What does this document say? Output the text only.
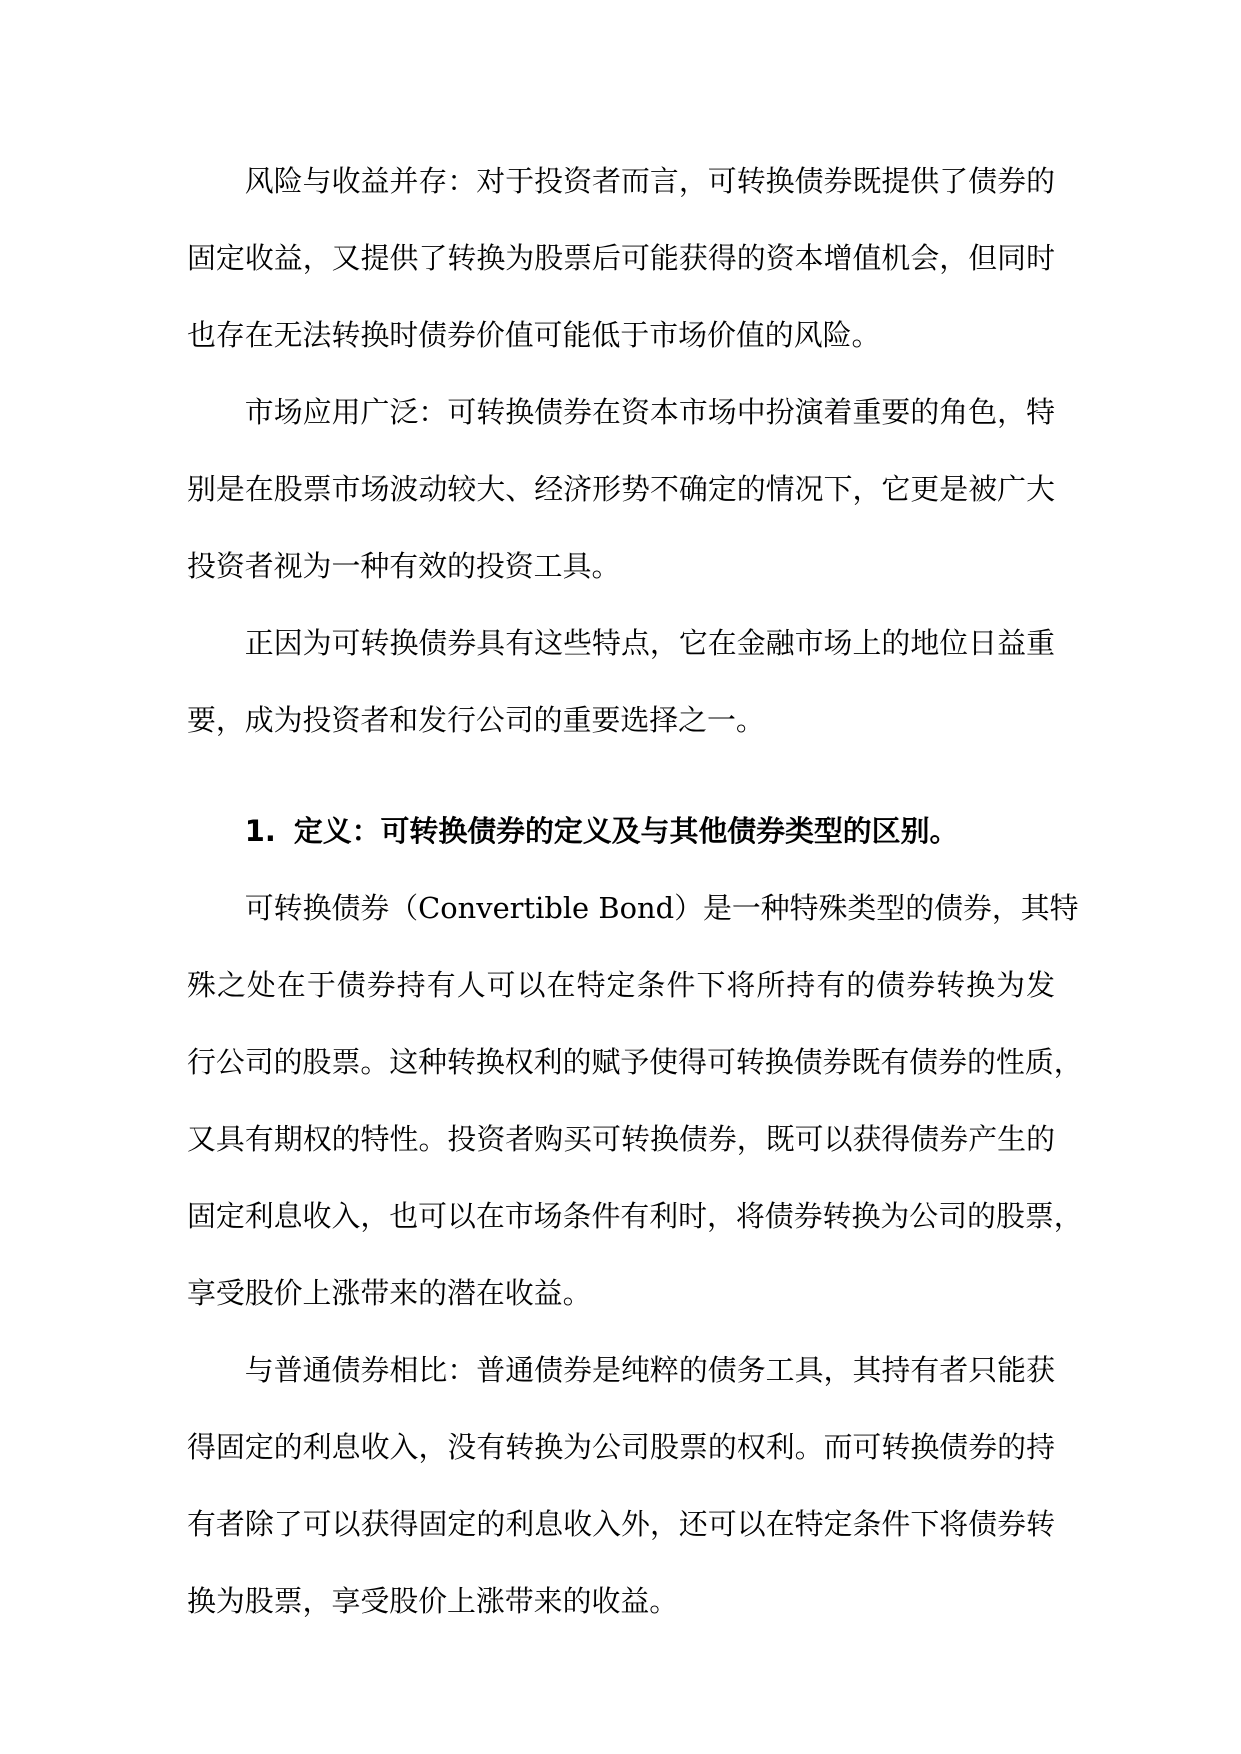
风险与收益并存：对于投资者而言，可转换债券既提供了债券的
固定收益，又提供了转换为股票后可能获得的资本增值机会，但同时
也存在无法转换时债券价值可能低于市场价值的风险。

市场应用广泛：可转换债券在资本市场中扮演着重要的角色，特
别是在股票市场波动较大、经济形势不确定的情况下，它更是被广大
投资者视为一种有效的投资工具。

正因为可转换债券具有这些特点，它在金融市场上的地位日益重
要，成为投资者和发行公司的重要选择之一。

1. 定义：可转换债券的定义及与其他债券类型的区别。

可转换债券（Convertible Bond）是一种特殊类型的债券，其特
殊之处在于债券持有人可以在特定条件下将所持有的债券转换为发
行公司的股票。这种转换权利的赋予使得可转换债券既有债券的性质，
又具有期权的特性。投资者购买可转换债券，既可以获得债券产生的
固定利息收入，也可以在市场条件有利时，将债券转换为公司的股票，
享受股价上涨带来的潜在收益。

与普通债券相比：普通债券是纯粹的债务工具，其持有者只能获
得固定的利息收入，没有转换为公司股票的权利。而可转换债券的持
有者除了可以获得固定的利息收入外，还可以在特定条件下将债券转
换为股票，享受股价上涨带来的收益。
